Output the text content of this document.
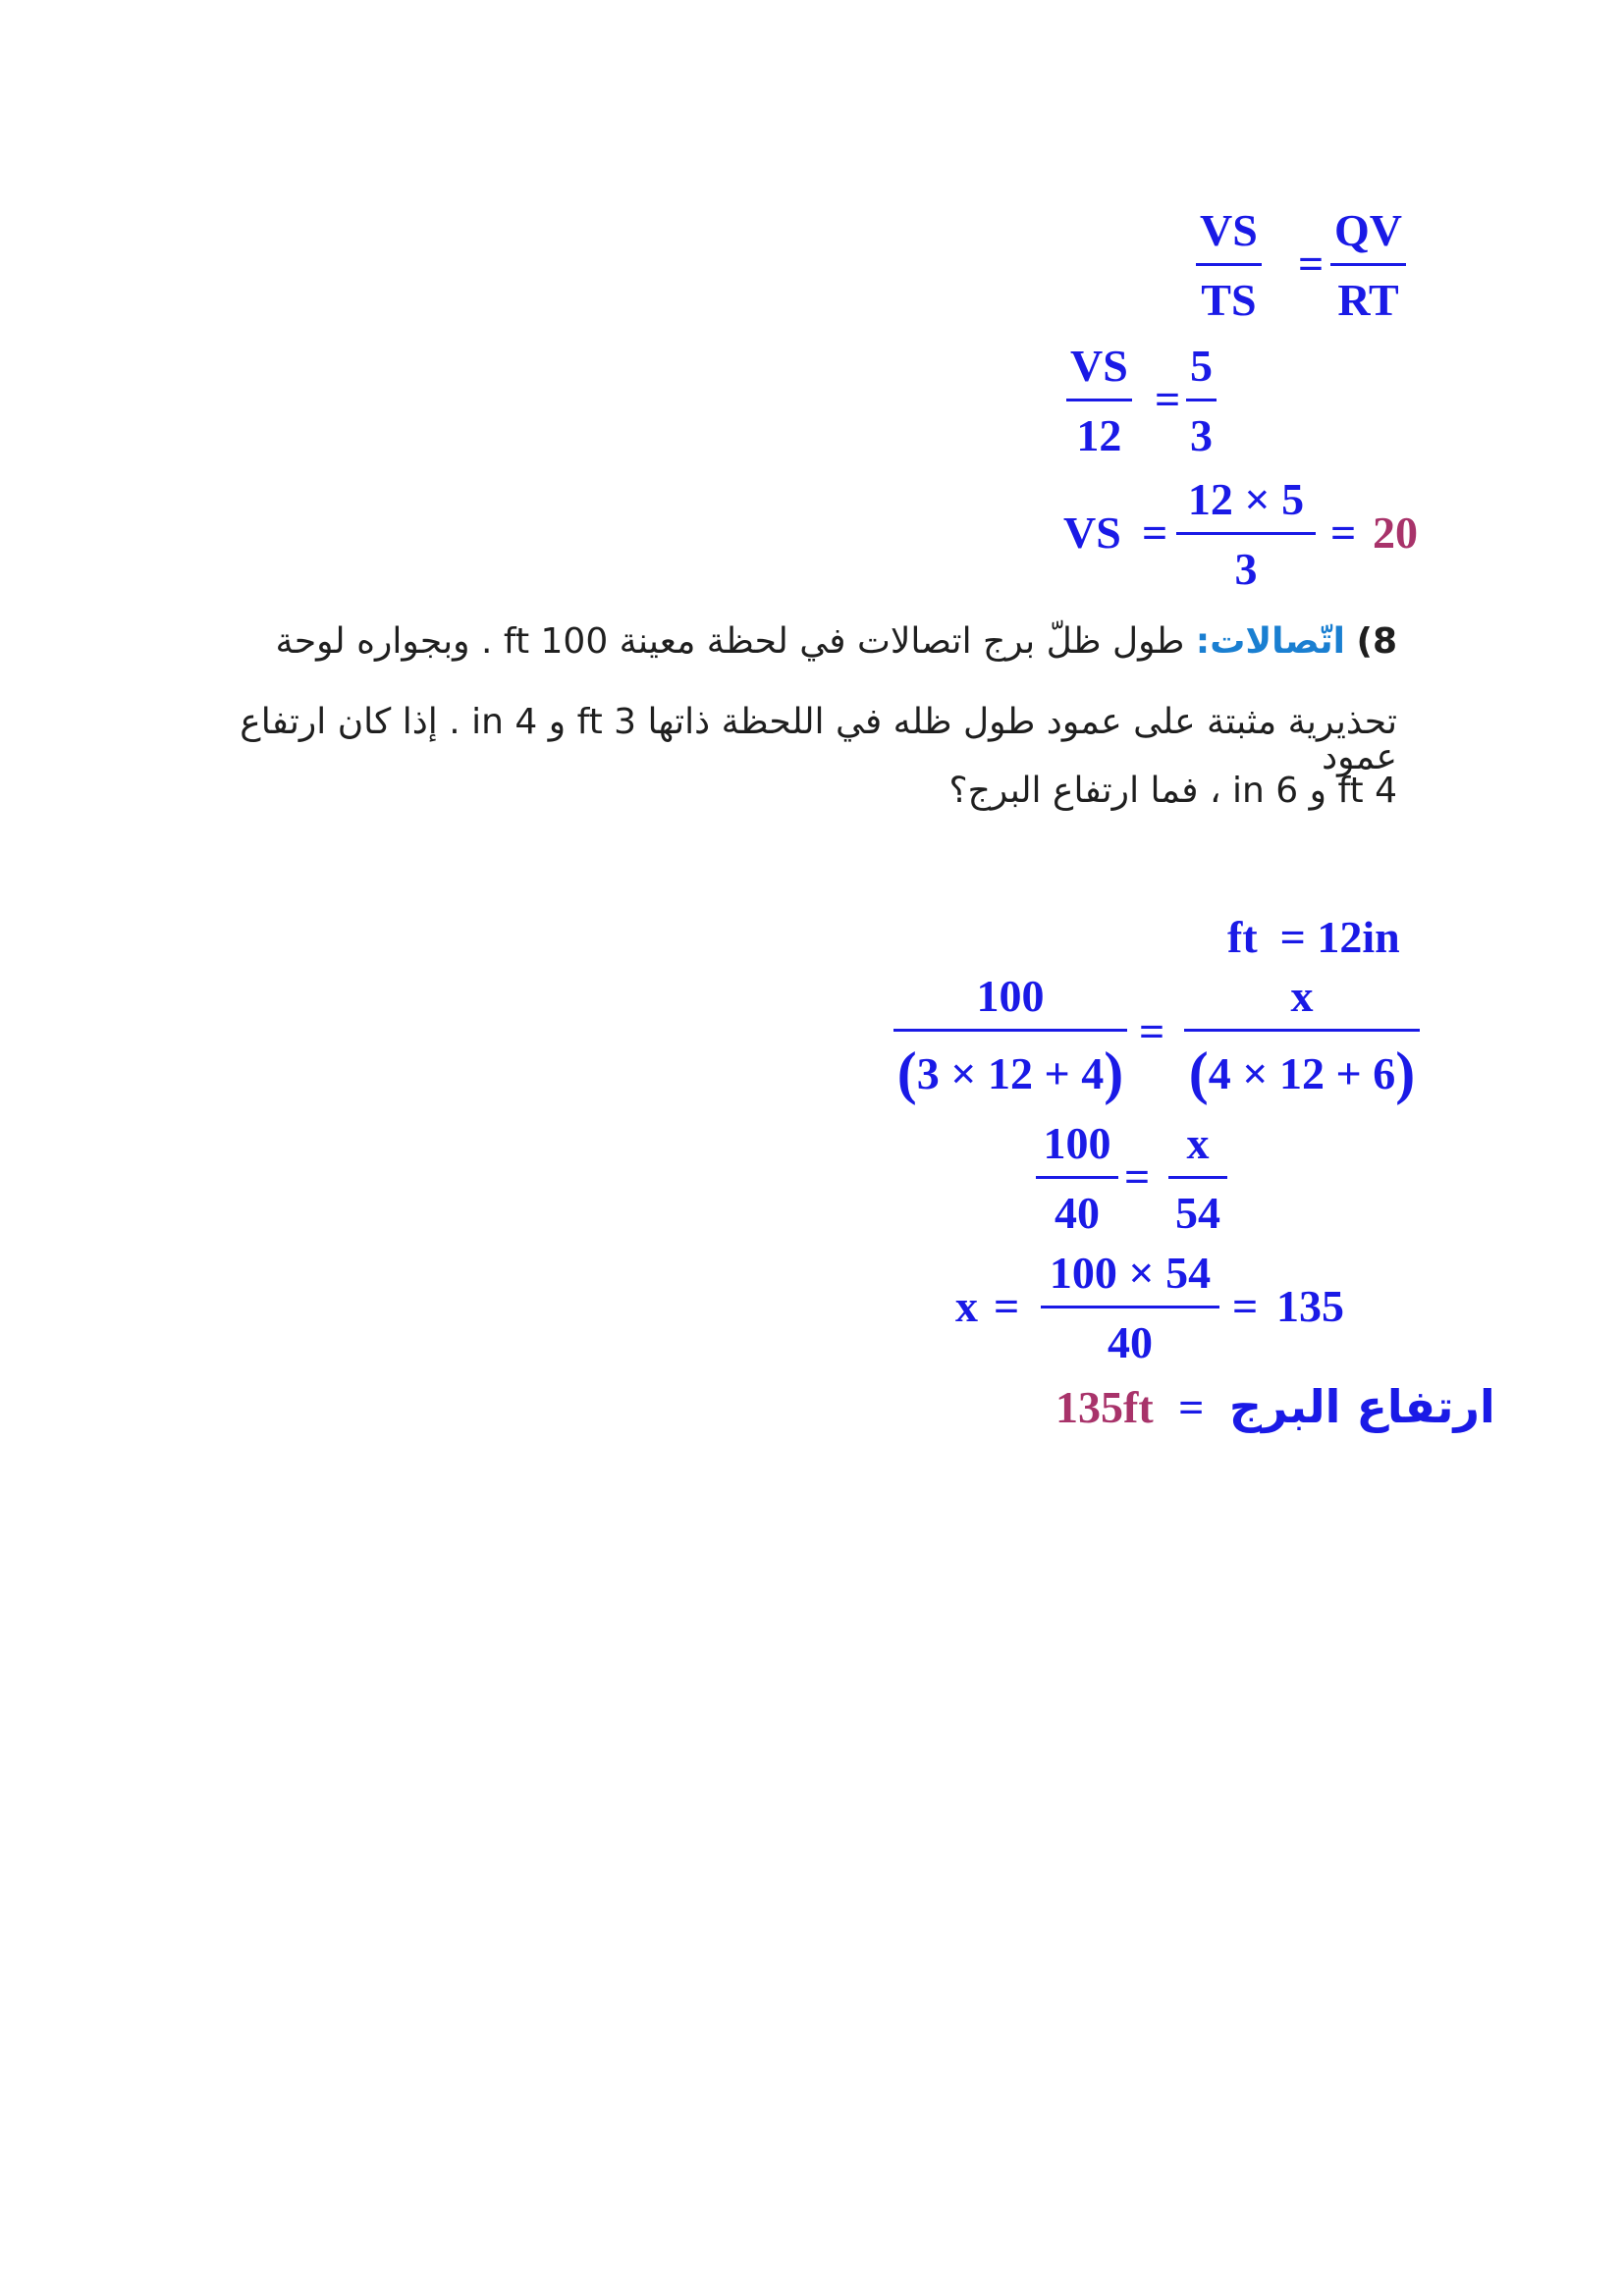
VS
TS
=
QV
RT
VS
12
=
5
3
VS =
12 × 5
3
= 20
8) اتّصالات: طول ظلّ برج اتصالات في لحظة معينة 100 ft . وبجواره لوحة
تحذيرية مثبتة على عمود طول ظله في اللحظة ذاتها 3 ft و 4 in . إذا كان ارتفاع عمود
4 ft و 6 in ، فما ارتفاع البرج؟
ft  = 12in
100
(3 × 12 + 4)
=
x
(4 × 12 + 6)
100
40
=
x
54
x =
100 × 54
40
= 135
135ft = ارتفاع البرج
